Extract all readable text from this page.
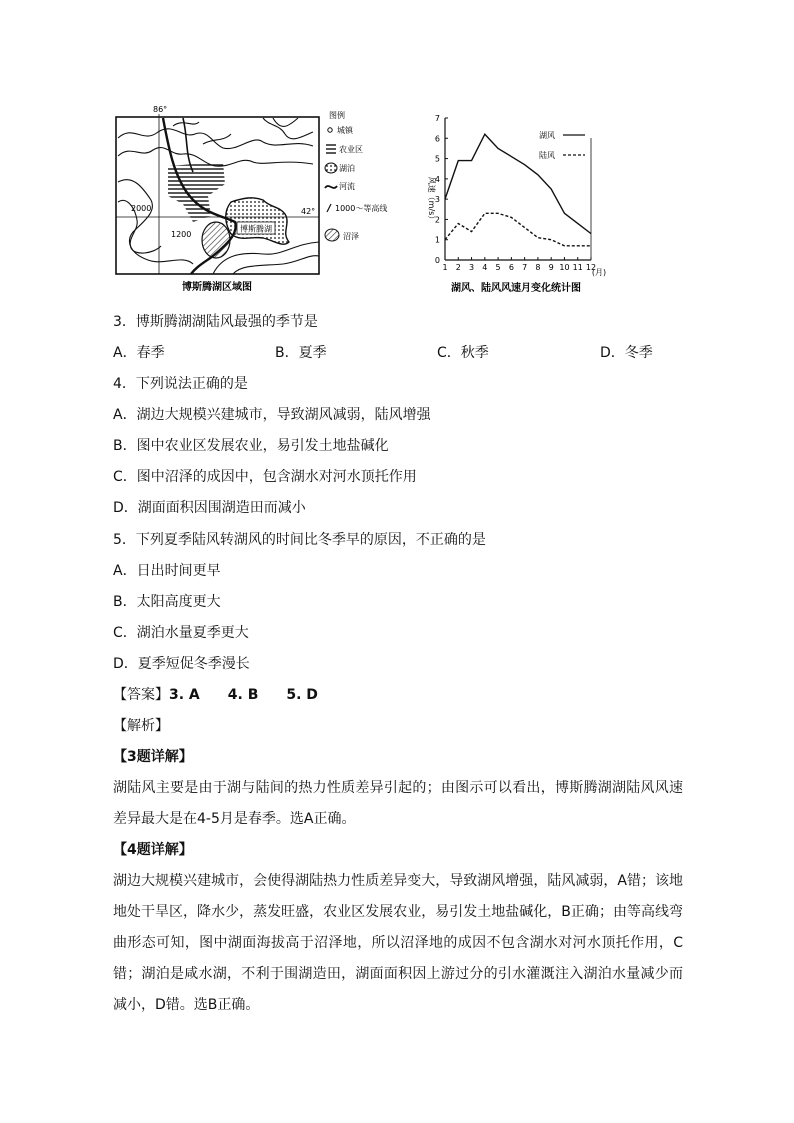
博斯腾湖
86°
42°
2000
1200
博斯腾湖区域图
图例
城镇
农业区
湖泊
河流
1000～等高线
沼泽
0
1
2
3
4
5
6
7
1 2 3 4 5 6 7 8 9 10 11 12
湖风
陆风
风速（m/s）
(月)
湖风、陆风风速月变化统计图
3．博斯腾湖湖陆风最强的季节是
A．春季	B．夏季	C．秋季	D．冬季
4．下列说法正确的是
A．湖边大规模兴建城市，导致湖风减弱，陆风增强
B．图中农业区发展农业，易引发土地盐碱化
C．图中沼泽的成因中，包含湖水对河水顶托作用
D．湖面面积因围湖造田而减小
5．下列夏季陆风转湖风的时间比冬季早的原因，不正确的是
A．日出时间更早
B．太阳高度更大
C．湖泊水量夏季更大
D．夏季短促冬季漫长
【答案】3. A　　4. B　　5. D
【解析】
【3题详解】
湖陆风主要是由于湖与陆间的热力性质差异引起的；由图示可以看出，博斯腾湖湖陆风风速差异最大是在4-5月是春季。选A正确。
【4题详解】
湖边大规模兴建城市，会使得湖陆热力性质差异变大，导致湖风增强，陆风减弱，A错；该地地处干旱区，降水少，蒸发旺盛，农业区发展农业，易引发土地盐碱化，B正确；由等高线弯曲形态可知，图中湖面海拔高于沼泽地，所以沼泽地的成因不包含湖水对河水顶托作用，C错；湖泊是咸水湖，不利于围湖造田，湖面面积因上游过分的引水灌溉注入湖泊水量减少而减小，D错。选B正确。
